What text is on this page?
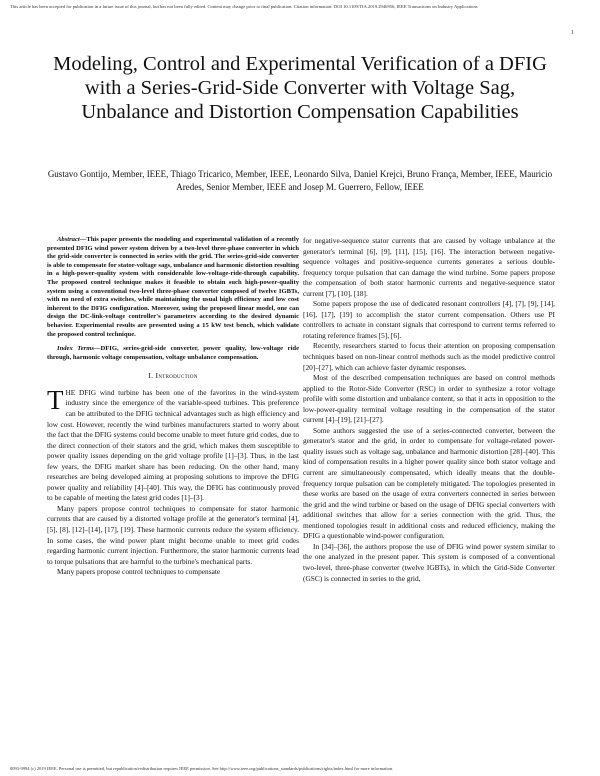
This article has been accepted for publication in a future issue of this journal, but has not been fully edited. Content may change prior to final publication. Citation information: DOI 10.1109/TIA.2019.2946956, IEEE Transactions on Industry Applications
1
Modeling, Control and Experimental Verification of a DFIG with a Series-Grid-Side Converter with Voltage Sag, Unbalance and Distortion Compensation Capabilities
Gustavo Gontijo, Member, IEEE, Thiago Tricarico, Member, IEEE, Leonardo Silva, Daniel Krejci, Bruno França, Member, IEEE, Mauricio Aredes, Senior Member, IEEE and Josep M. Guerrero, Fellow, IEEE

Abstract—This paper presents the modeling and experimental validation of a recently presented DFIG wind power system driven by a two-level three-phase converter in which the grid-side converter is connected in series with the grid. The series-grid-side converter is able to compensate for stator-voltage sags, unbalance and harmonic distortion resulting in a high-power-quality system with considerable low-voltage-ride-through capability. The proposed control technique makes it feasible to obtain such high-power-quality system using a conventional two-level three-phase converter composed of twelve IGBTs, with no need of extra switches, while maintaining the usual high efficiency and low cost inherent to the DFIG configuration. Moreover, using the proposed linear model, one can design the DC-link-voltage controller's parameters according to the desired dynamic behavior. Experimental results are presented using a 15 kW test bench, which validate the proposed control technique.

Index Terms—DFIG, series-grid-side converter, power quality, low-voltage ride through, harmonic voltage compensation, voltage unbalance compensation.

I. Introduction

THE DFIG wind turbine has been one of the favorites in the wind-system industry since the emergence of the variable-speed turbines. This preference can be attributed to the DFIG technical advantages such as high efficiency and low cost. However, recently the wind turbines manufacturers started to worry about the fact that the DFIG systems could become unable to meet future grid codes, due to the direct connection of their stators and the grid, which makes them susceptible to power quality issues depending on the grid voltage profile [1]–[3]. Thus, in the last few years, the DFIG market share has been reducing. On the other hand, many researches are being developed aiming at proposing solutions to improve the DFIG power quality and reliability [4]–[40]. This way, the DFIG has continuously proved to be capable of meeting the latest grid codes [1]–[3].

Many papers propose control techniques to compensate for stator harmonic currents that are caused by a distorted voltage profile at the generator's terminal [4], [5], [8], [12]–[14], [17], [19]. These harmonic currents reduce the system efficiency. In some cases, the wind power plant might become unable to meet grid codes regarding harmonic current injection. Furthermore, the stator harmonic currents lead to torque pulsations that are harmful to the turbine's mechanical parts.

Many papers propose control techniques to compensate

for negative-sequence stator currents that are caused by voltage unbalance at the generator's terminal [6], [9], [11], [15], [16]. The interaction between negative-sequence voltages and positive-sequence currents generates a serious double-frequency torque pulsation that can damage the wind turbine. Some papers propose the compensation of both stator harmonic currents and negative-sequence stator current [7], [10], [18].

Some papers propose the use of dedicated resonant controllers [4], [7], [9], [14], [16], [17], [19] to accomplish the stator current compensation. Others use PI controllers to actuate in constant signals that correspond to current terms referred to rotating reference frames [5], [6].

Recently, researchers started to focus their attention on proposing compensation techniques based on non-linear control methods such as the model predictive control [20]–[27], which can achieve faster dynamic responses.

Most of the described compensation techniques are based on control methods applied to the Rotor-Side Converter (RSC) in order to synthesize a rotor voltage profile with some distortion and unbalance content, so that it acts in opposition to the low-power-quality terminal voltage resulting in the compensation of the stator current [4]–[19], [21]–[27].

Some authors suggested the use of a series-connected converter, between the generator's stator and the grid, in order to compensate for voltage-related power-quality issues such as voltage sag, unbalance and harmonic distortion [28]–[40]. This kind of compensation results in a higher power quality since both stator voltage and current are simultaneously compensated, which ideally means that the double-frequency torque pulsation can be completely mitigated. The topologies presented in these works are based on the usage of extra converters connected in series between the grid and the wind turbine or based on the usage of DFIG special converters with additional switches that allow for a series connection with the grid. Thus, the mentioned topologies result in additional costs and reduced efficiency, making the DFIG a questionable wind-power configuration.

In [34]–[36], the authors propose the use of DFIG wind power system similar to the one analyzed in the present paper. This system is composed of a conventional two-level, three-phase converter (twelve IGBTs), in which the Grid-Side Converter (GSC) is connected in series to the grid,

0093-9994 (c) 2019 IEEE. Personal use is permitted, but republication/redistribution requires IEEE permission. See http://www.ieee.org/publications_standards/publications/rights/index.html for more information.
